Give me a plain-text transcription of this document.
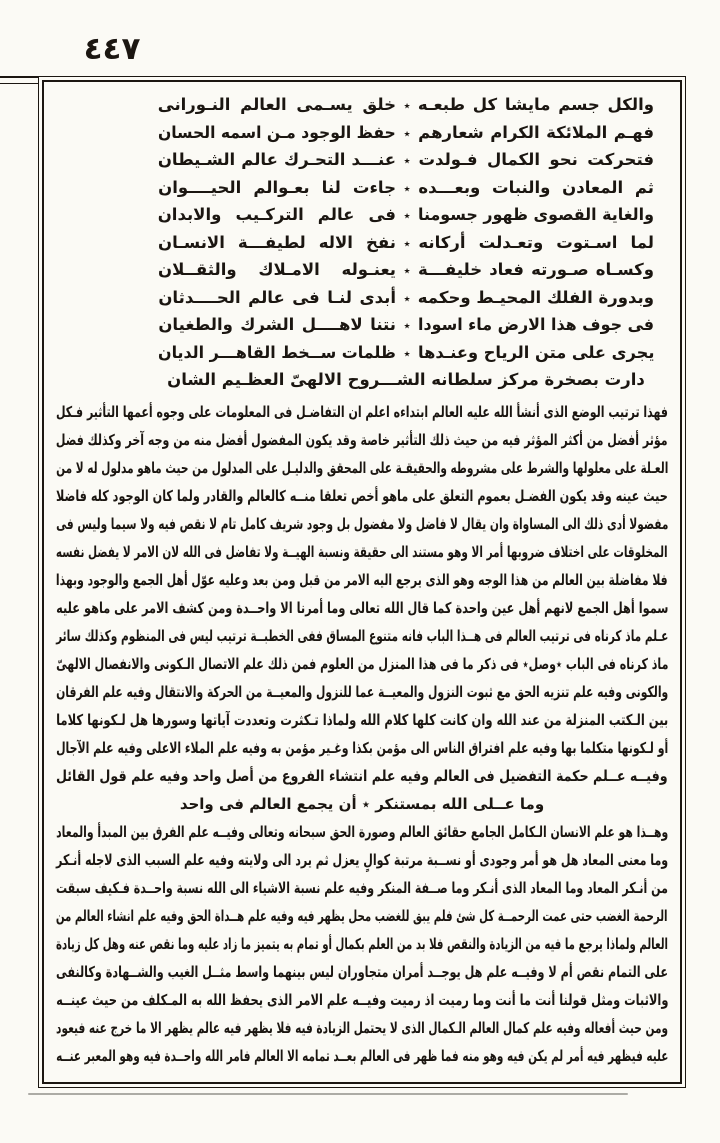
٤٤٧
والكل جسم مايشا كل طبعـه
٭
خلق يسـمى العالم النـورانى
فهـم الملائكة الكرام شعارهم
٭
حفظ الوجود مـن اسمه الحسان
فتحركت نحو الكمال فـولدت
٭
عنـــد التحـرك عالم الشـيطان
ثم المعادن والنبات وبعـــده
٭
جاءت لنا بعـوالم الحيــــوان
والغاية القصوى ظهور جسومنا
٭
فى عالم التركـيب والابدان
لما اسـتوت وتعـدلت أركانه
٭
نفخ الاله لطيفـــة الانسـان
وكسـاه صـورته فعاد خليفـــة
٭
يعنـوله الامـلاك والثقــلان
وبدورة الفلك المحيـط وحكمه
٭
أبدى لنـا فى عالم الحــــدثان
فى جوف هذا الارض ماء اسودا
٭
نتنا لاهــــل الشرك والطغيان
يجرى على متن الرياح وعنـدها
٭
ظلمات ســخط القاهـــر الديان
دارت بصخرة مركز سلطانه الشـــروح الالهىّ العظـيم الشان
فهذا ترتيب الوضع الذى أنشأ الله عليه العالم ابتداءه اعلم ان التفاضـل فى المعلومات على وجوه أعمها التأثير فـكل
مؤثر أفضل من أكثر المؤثر فيه من حيث ذلك التأثير خاصة وقد يكون المفضول أفضل منه من وجه آخر وكذلك فضل
العـلة على معلولها والشرط على مشروطه والحقيقـة على المحقق والدليـل على المدلول من حيث ماهو مدلول له لا من
حيث عينه وقد يكون الفضـل بعموم التعلق على ماهو أخص تعلقا منــه كالعالم والقادر ولما كان الوجود كله فاضلا
مفضولا أدى ذلك الى المساواة وان يقال لا فاضل ولا مفضول بل وجود شريف كامل تام لا نقص فيه ولا سيما وليس فى
المخلوقات على اختلاف ضروبها أمر الا وهو مستند الى حقيقة ونسبة الهيــة ولا تفاضل فى الله لان الامر لا يفضل نفسه
فلا مفاضلة بين العالم من هذا الوجه وهو الذى يرجع اليه الامر من قبل ومن بعد وعليه عوّل أهل الجمع والوجود وبهذا
سموا أهل الجمع لانهم أهل عين واحدة كما قال الله تعالى وما أمرنا الا واحــدة ومن كشف الامر على ماهو عليه
عـلم ماذ كرناه فى ترتيب العالم فى هــذا الباب فانه متنوع المساق ففى الخطبــة ترتيب ليس فى المنظوم وكذلك سائر
ماذ كرناه فى الباب ٭وصل٭ فى ذكر ما فى هذا المنزل من العلوم فمن ذلك علم الاتصال الـكونى والانفصال الالهىّ
والكونى وفيه علم تنزيه الحق مع ثبوت النزول والمعيــة عما للنزول والمعيــة من الحركة والانتقال وفيه علم الفرقان
بين الـكتب المنزلة من عند الله وان كانت كلها كلام الله ولماذا تـكثرت وتعددت آياتها وسورها هل لـكونها كلاما
أو لـكونها متكلما بها وفيه علم افتراق الناس الى مؤمن بكذا وغـير مؤمن به وفيه علم الملاء الاعلى وفيه علم الآجال
وفيــه عــلم حكمة التفضيل فى العالم وفيه علم انتشاء الفروع من أصل واحد وفيه علم قول القائل
وما عــلى الله بمستنكر ٭ أن يجمع العالم فى واحد
وهــذا هو علم الانسان الـكامل الجامع حقائق العالم وصورة الحق سبحانه وتعالى وفيــه علم الفرق بين المبدأ والمعاد
وما معنى المعاد هل هو أمر وجودى أو نســبة مرتبة كوالٍ يعزل ثم يرد الى ولايته وفيه علم السبب الذى لاجله أنـكر
من أنـكر المعاد وما المعاد الذى أنـكر وما صــفة المنكر وفيه علم نسبة الاشياء الى الله نسبة واحــدة فـكيف سبقت
الرحمة الغضب حتى عمت الرحمــة كل شئ فلم يبق للغضب محل يظهر فيه وفيه علم هــداة الحق وفيه علم انشاء العالم من
العالم ولماذا يرجع ما فيه من الزيادة والنقص فلا بد من العلم بكمال أو تمام به يتميز ما زاد عليه وما نقص عنه وهل كل زيادة
على التمام نقص أم لا وفيــه علم هل يوجــد أمران متجاوران ليس بينهما واسط مثــل الغيب والشــهادة وكالنفى
والاثبات ومثل قولنا أنت ما أنت وما رميت اذ رميت وفيــه علم الامر الذى يحفظ الله به المـكلف من حيث عينــه
ومن حيث أفعاله وفيه علم كمال العالم الـكمال الذى لا يحتمل الزيادة فيه فلا يظهر فيه عالم يظهر الا ما خرج عنه فيعود
عليه فيظهر فيه أمر لم يكن فيه وهو منه فما ظهر فى العالم بعــد تمامه الا العالم فامر الله واحــدة فيه وهو المعبر عنــه
